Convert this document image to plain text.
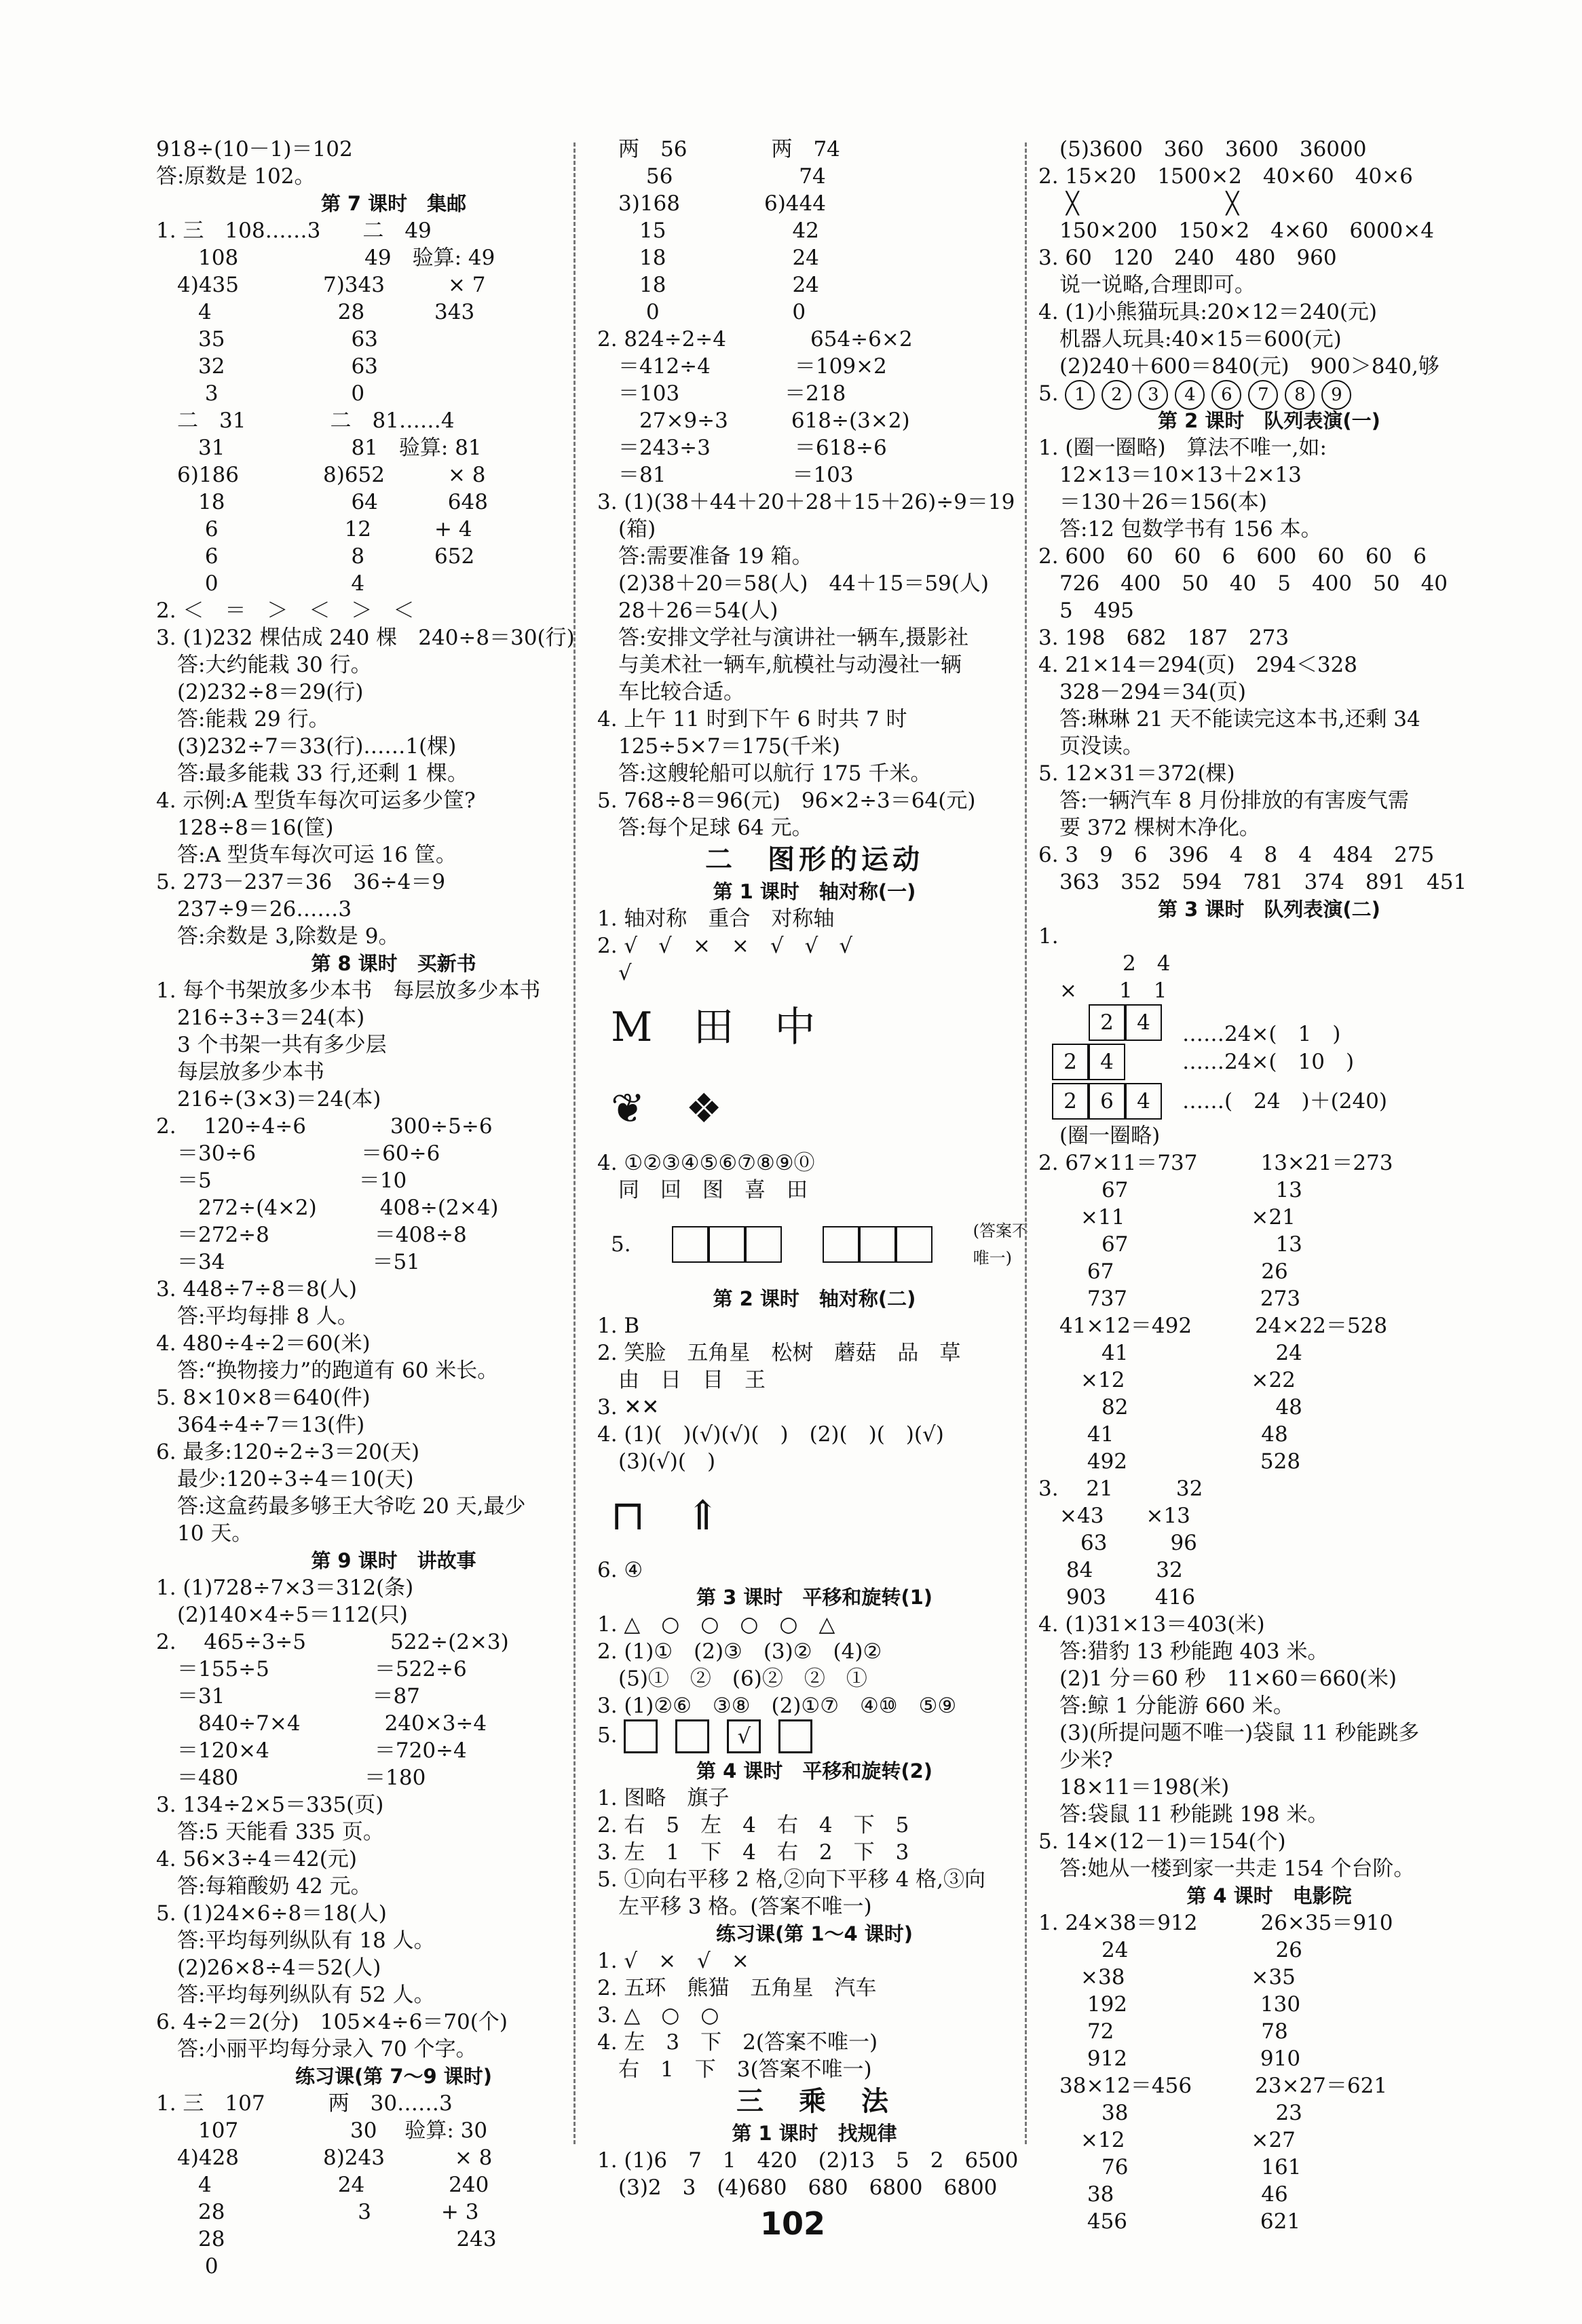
918÷(10－1)＝102
答:原数是 102。
第 7 课时　集邮
1. 三　108……3　　二　49
　　108　　　　　　49　验算: 49
　4)435　　　　7)343　　　× 7
　　4　　　　　　28　　　 343
　　35　　　　　　63
　　32　　　　　　63
　　 3　　　　　　 0
　二　31　　　　二　81……4
　　31　　　　　　81　验算: 81
　6)186　　　　8)652　　　× 8
　　18　　　　　　64　　　 648
　　 6　　　　　　12　　　+ 4
　　 6　　　　　　 8　　　 652
　　 0　　　　　　 4
2. ＜　＝　＞　＜　＞　＜
3. (1)232 棵估成 240 棵　240÷8＝30(行)
　答:大约能栽 30 行。
　(2)232÷8＝29(行)
　答:能栽 29 行。
　(3)232÷7＝33(行)……1(棵)
　答:最多能栽 33 行,还剩 1 棵。
4. 示例:A 型货车每次可运多少筐?
　128÷8＝16(筐)
　答:A 型货车每次可运 16 筐。
5. 273－237＝36　36÷4＝9
　237÷9＝26……3
　答:余数是 3,除数是 9。
第 8 课时　买新书
1. 每个书架放多少本书　每层放多少本书
　216÷3÷3＝24(本)
　3 个书架一共有多少层
　每层放多少本书
　216÷(3×3)＝24(本)
2. 　120÷4÷6　　　　300÷5÷6
　＝30÷6　　　　　＝60÷6
　＝5　　　　　　　＝10
　　272÷(4×2)　　　408÷(2×4)
　＝272÷8　　　　　＝408÷8
　＝34　　　　　　　＝51
3. 448÷7÷8＝8(人)
　答:平均每排 8 人。
4. 480÷4÷2＝60(米)
　答:“换物接力”的跑道有 60 米长。
5. 8×10×8＝640(件)
　364÷4÷7＝13(件)
6. 最多:120÷2÷3＝20(天)
　最少:120÷3÷4＝10(天)
　答:这盒药最多够王大爷吃 20 天,最少
　10 天。
第 9 课时　讲故事
1. (1)728÷7×3＝312(条)
　(2)140×4÷5＝112(只)
2. 　465÷3÷5　　　　522÷(2×3)
　＝155÷5　　　　　＝522÷6
　＝31　　　　　　　＝87
　　840÷7×4　　　　240×3÷4
　＝120×4　　　　　＝720÷4
　＝480　　　　　　＝180
3. 134÷2×5＝335(页)
　答:5 天能看 335 页。
4. 56×3÷4＝42(元)
　答:每箱酸奶 42 元。
5. (1)24×6÷8＝18(人)
　答:平均每列纵队有 18 人。
　(2)26×8÷4＝52(人)
　答:平均每列纵队有 52 人。
6. 4÷2＝2(分)　105×4÷6＝70(个)
　答:小丽平均每分录入 70 个字。
练习课(第 7～9 课时)
1. 三　107　　　两　30……3
　　107　　　　　 30　 验算: 30
　4)428　　　　8)243　　　 × 8
　　4　　　　　　24　　　　240
　　28　　　　　　 3　　　 + 3
　　28　　　　　　　　　　　243
　　 0
　两　56　　　　两　74
　　 56　　　　　　74
　3)168　　　　6)444
　　15　　　　　　42
　　18　　　　　　24
　　18　　　　　　24
　　 0　　　　　　 0
2. 824÷2÷4　　　　654÷6×2
　＝412÷4　　　　＝109×2
　＝103　　　　　＝218
　　27×9÷3　　　618÷(3×2)
　＝243÷3　　　　＝618÷6
　＝81　　　　　　＝103
3. (1)(38＋44＋20＋28＋15＋26)÷9＝19
　(箱)
　答:需要准备 19 箱。
　(2)38＋20＝58(人)　44＋15＝59(人)
　28＋26＝54(人)
　答:安排文学社与演讲社一辆车,摄影社
　与美术社一辆车,航模社与动漫社一辆
　车比较合适。
4. 上午 11 时到下午 6 时共 7 时
　125÷5×7＝175(千米)
　答:这艘轮船可以航行 175 千米。
5. 768÷8＝96(元)　96×2÷3＝64(元)
　答:每个足球 64 元。
二　图形的运动
第 1 课时　轴对称(一)
1. 轴对称　重合　对称轴
2. √　√　×　×　√　√　√
　√
M　田　中
❦　❖
4. ①②③④⑤⑥⑦⑧⑨⓪
　同　回　图　喜　田
5.
(答案不唯一)
第 2 课时　轴对称(二)
1. B
2. 笑脸　五角星　松树　蘑菇　品　草
　由　日　目　王
3. ✕✕
4. (1)(　)(√)(√)(　)　(2)(　)(　)(√)
　(3)(√)(　)
⊓　⇑
6. ④
第 3 课时　平移和旋转(1)
1. △　○　○　○　○　△
2. (1)①　(2)③　(3)②　(4)②
　(5)①　②　(6)②　②　①
3. (1)②⑥　③⑧　(2)①⑦　④⑩　⑤⑨
5.	√
第 4 课时　平移和旋转(2)
1. 图略　旗子
2. 右　5　左　4　右　4　下　5
3. 左　1　下　4　右　2　下　3
5. ①向右平移 2 格,②向下平移 4 格,③向
　左平移 3 格。(答案不唯一)
练习课(第 1～4 课时)
1. √　×　√　×
2. 五环　熊猫　五角星　汽车
3. △　○　○
4. 左　3　下　2(答案不唯一)
　右　1　下　3(答案不唯一)
三　乘　法
第 1 课时　找规律
1. (1)6　7　1　420　(2)13　5　2　6500
　(3)2　3　(4)680　680　6800　6800
　(5)3600　360　3600　36000
2. 15×20　1500×2　40×60　40×6
　 ╳　　　　　　　╳
　150×200　150×2　4×60　6000×4
3. 60　120　240　480　960
　说一说略,合理即可。
4. (1)小熊猫玩具:20×12＝240(元)
　机器人玩具:40×15＝600(元)
　(2)240＋600＝840(元)　900＞840,够
5. 1 2 3 4 6 7 8 9
第 2 课时　队列表演(一)
1. (圈一圈略)　算法不唯一,如:
　12×13＝10×13＋2×13
　＝130＋26＝156(本)
　答:12 包数学书有 156 本。
2. 600　60　60　6　600　60　60　6
　726　400　50　40　5　400　50　40
　5　495
3. 198　682　187　273
4. 21×14＝294(页)　294＜328
　328－294＝34(页)
　答:琳琳 21 天不能读完这本书,还剩 34
　页没读。
5. 12×31＝372(棵)
　答:一辆汽车 8 月份排放的有害废气需
　要 372 棵树木净化。
6. 3　9　6　396　4　8　4　484　275
　363　352　594　781　374　891　451
第 3 课时　队列表演(二)
1.
　　　　2　4
　×　　1　1
2	4	……24×(　1　)
2	4	……24×(　10　)
2	6	4	……(　24　)＋(240)
　(圈一圈略)
2. 67×11＝737　　　13×21＝273
　　　67　　　　　　　13
　　×11　　　　　　×21
　　　67　　　　　　　13
　　 67　　　　　　　26
　　 737　　　　　　 273
　41×12＝492　　　24×22＝528
　　　41　　　　　　　24
　　×12　　　　　　×22
　　　82　　　　　　　48
　　 41　　　　　　　48
　　 492　　　　　　 528
3. 　21　　　32
　×43　　×13
　　63　　　96
　 84　　　32
　 903　　 416
4. (1)31×13＝403(米)
　答:猎豹 13 秒能跑 403 米。
　(2)1 分＝60 秒　11×60＝660(米)
　答:鲸 1 分能游 660 米。
　(3)(所提问题不唯一)袋鼠 11 秒能跳多
　少米?
　18×11＝198(米)
　答:袋鼠 11 秒能跳 198 米。
5. 14×(12－1)＝154(个)
　答:她从一楼到家一共走 154 个台阶。
第 4 课时　电影院
1. 24×38＝912　　　26×35＝910
　　　24　　　　　　　26
　　×38　　　　　　×35
　　 192　　　　　　 130
　　 72　　　　　　　78
　　 912　　　　　　 910
　38×12＝456　　　23×27＝621
　　　38　　　　　　　23
　　×12　　　　　　×27
　　　76　　　　　　 161
　　 38　　　　　　　46
　　 456　　　　　　 621
102
